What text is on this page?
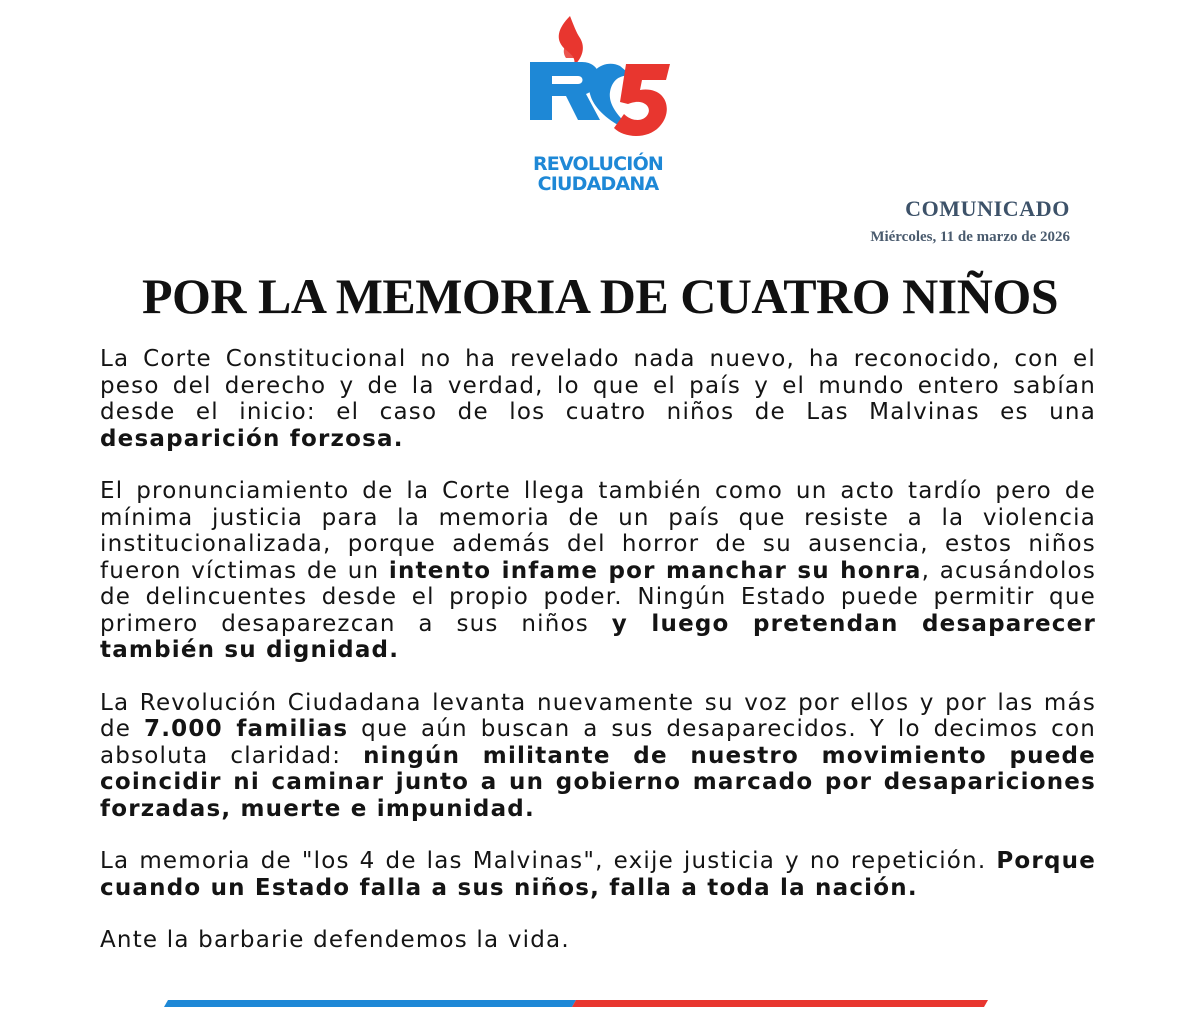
REVOLUCIÓN
CIUDADANA
COMUNICADO
Miércoles, 11 de marzo de 2026
POR LA MEMORIA DE CUATRO NIÑOS

La Corte Constitucional no ha revelado nada nuevo, ha reconocido, con el peso del derecho y de la verdad, lo que el país y el mundo entero sabían desde el inicio: el caso de los cuatro niños de Las Malvinas es una desaparición forzosa.

El pronunciamiento de la Corte llega también como un acto tardío pero de mínima justicia para la memoria de un país que resiste a la violencia institucionalizada, porque además del horror de su ausencia, estos niños fueron víctimas de un intento infame por manchar su honra, acusándolos de delincuentes desde el propio poder. Ningún Estado puede permitir que primero desaparezcan a sus niños y luego pretendan desaparecer también su dignidad.

La Revolución Ciudadana levanta nuevamente su voz por ellos y por las más de 7.000 familias que aún buscan a sus desaparecidos. Y lo decimos con absoluta claridad: ningún militante de nuestro movimiento puede coincidir ni caminar junto a un gobierno marcado por desapariciones forzadas, muerte e impunidad.

La memoria de "los 4 de las Malvinas", exije justicia y no repetición. Porque cuando un Estado falla a sus niños, falla a toda la nación.

Ante la barbarie defendemos la vida.
